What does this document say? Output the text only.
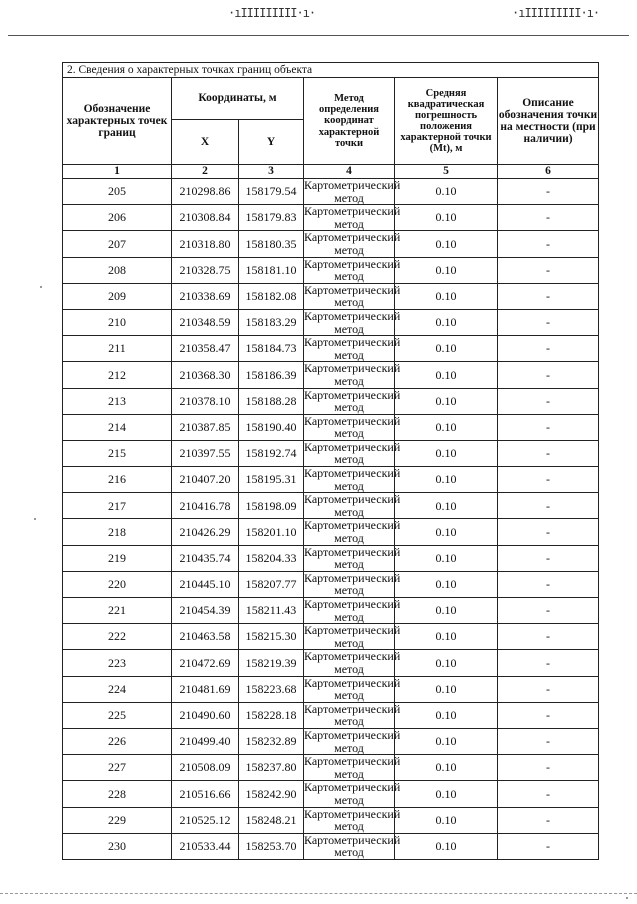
·ıIIIIIIIII·ı·	·ıIIIIIIIII·ı·
2. Сведения о характерных точках границ объекта					
Обозначение характерных точек границ	Координаты, м		Метод определения координат характерной точки	Средняя квадратическая погрешность положения характерной точки (Mt), м	Описание обозначения точки на местности (при наличии)
	X	Y			
1	2	3	4	5	6
205	210298.86	158179.54	Картометрический метод	0.10	-
206	210308.84	158179.83	Картометрический метод	0.10	-
207	210318.80	158180.35	Картометрический метод	0.10	-
208	210328.75	158181.10	Картометрический метод	0.10	-
209	210338.69	158182.08	Картометрический метод	0.10	-
210	210348.59	158183.29	Картометрический метод	0.10	-
211	210358.47	158184.73	Картометрический метод	0.10	-
212	210368.30	158186.39	Картометрический метод	0.10	-
213	210378.10	158188.28	Картометрический метод	0.10	-
214	210387.85	158190.40	Картометрический метод	0.10	-
215	210397.55	158192.74	Картометрический метод	0.10	-
216	210407.20	158195.31	Картометрический метод	0.10	-
217	210416.78	158198.09	Картометрический метод	0.10	-
218	210426.29	158201.10	Картометрический метод	0.10	-
219	210435.74	158204.33	Картометрический метод	0.10	-
220	210445.10	158207.77	Картометрический метод	0.10	-
221	210454.39	158211.43	Картометрический метод	0.10	-
222	210463.58	158215.30	Картометрический метод	0.10	-
223	210472.69	158219.39	Картометрический метод	0.10	-
224	210481.69	158223.68	Картометрический метод	0.10	-
225	210490.60	158228.18	Картометрический метод	0.10	-
226	210499.40	158232.89	Картометрический метод	0.10	-
227	210508.09	158237.80	Картометрический метод	0.10	-
228	210516.66	158242.90	Картометрический метод	0.10	-
229	210525.12	158248.21	Картометрический метод	0.10	-
230	210533.44	158253.70	Картометрический метод	0.10	-
